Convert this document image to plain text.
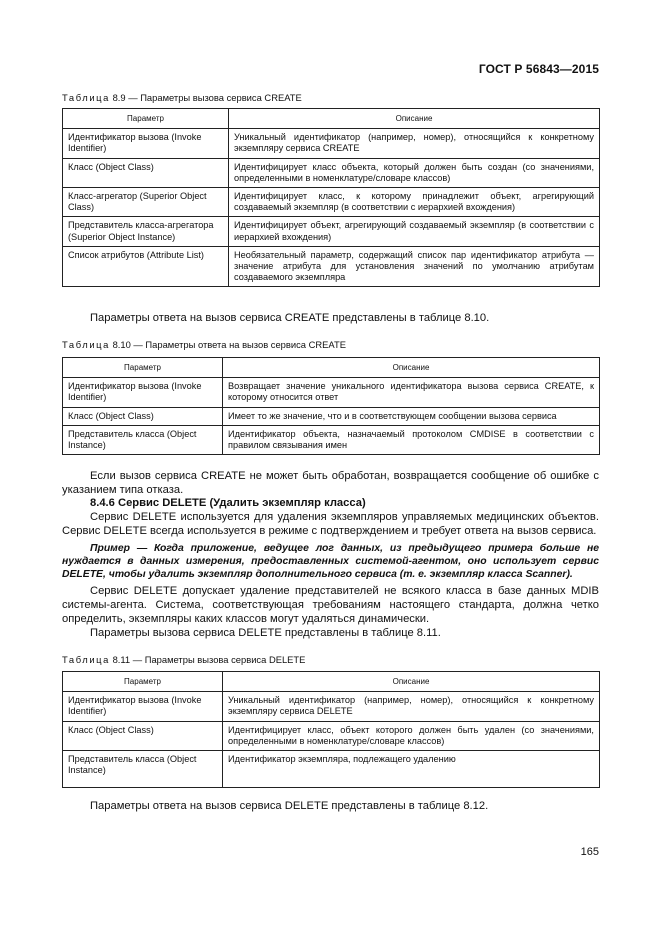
ГОСТ Р 56843—2015
Таблица 8.9 — Параметры вызова сервиса CREATE
Параметр	Описание
Идентификатор вызова (Invoke Identifier)	Уникальный идентификатор (например, номер), относящийся к конкретному экземпляру сервиса CREATE
Класс (Object Class)	Идентифицирует класс объекта, который должен быть создан (со значениями, определенными в номенклатуре/словаре классов)
Класс-агрегатор (Superior Object Class)	Идентифицирует класс, к которому принадлежит объект, агрегирующий создаваемый экземпляр (в соответствии с иерархией вхождения)
Представитель класса-агрегатора (Superior Object Instance)	Идентифицирует объект, агрегирующий создаваемый экземпляр (в соответствии с иерархией вхождения)
Список атрибутов (Attribute List)	Необязательный параметр, содержащий список пар идентификатор атрибута — значение атрибута для установления значений по умолчанию атрибутам создаваемого экземпляра
Параметры ответа на вызов сервиса CREATE представлены в таблице 8.10.
Таблица 8.10 — Параметры ответа на вызов сервиса CREATE
Параметр	Описание
Идентификатор вызова (Invoke Identifier)	Возвращает значение уникального идентификатора вызова сервиса CREATE, к которому относится ответ
Класс (Object Class)	Имеет то же значение, что и в соответствующем сообщении вызова сервиса
Представитель класса (Object Instance)	Идентификатор объекта, назначаемый протоколом CMDISE в соответствии с правилом связывания имен
Если вызов сервиса CREATE не может быть обработан, возвращается сообщение об ошибке с указанием типа отказа.
8.4.6 Сервис DELETE (Удалить экземпляр класса)
Сервис DELETE используется для удаления экземпляров управляемых медицинских объектов. Сервис DELETE всегда используется в режиме с подтверждением и требует ответа на вызов сервиса.
Пример — Когда приложение, ведущее лог данных, из предыдущего примера больше не нуждается в данных измерения, предоставленных системой-агентом, оно использует сервис DELETE, чтобы удалить экземпляр дополнительного сервиса (т. е. экземпляр класса Scanner).
Сервис DELETE допускает удаление представителей не всякого класса в базе данных MDIB системы-агента. Система, соответствующая требованиям настоящего стандарта, должна четко определить, экземпляры каких классов могут удаляться динамически.
Параметры вызова сервиса DELETE представлены в таблице 8.11.
Таблица 8.11 — Параметры вызова сервиса DELETE
Параметр	Описание
Идентификатор вызова (Invoke Identifier)	Уникальный идентификатор (например, номер), относящийся к конкретному экземпляру сервиса DELETE
Класс (Object Class)	Идентифицирует класс, объект которого должен быть удален (со значениями, определенными в номенклатуре/словаре классов)
Представитель класса (Object Instance)	Идентификатор экземпляра, подлежащего удалению
Параметры ответа на вызов сервиса DELETE представлены в таблице 8.12.
165
